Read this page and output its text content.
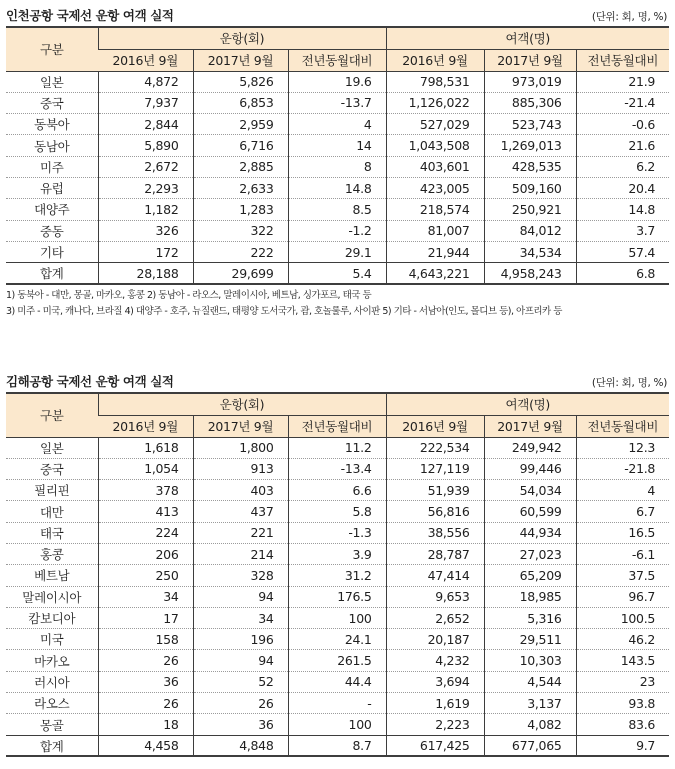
인천공항 국제선 운항 여객 실적	(단위: 회, 명, %)
구분	운항(회)			여객(명)		
	2016년 9월	2017년 9월	전년동월대비	2016년 9월	2017년 9월	전년동월대비
일본	4,872	5,826	19.6	798,531	973,019	21.9
중국	7,937	6,853	-13.7	1,126,022	885,306	-21.4
동북아	2,844	2,959	4	527,029	523,743	-0.6
동남아	5,890	6,716	14	1,043,508	1,269,013	21.6
미주	2,672	2,885	8	403,601	428,535	6.2
유럽	2,293	2,633	14.8	423,005	509,160	20.4
대양주	1,182	1,283	8.5	218,574	250,921	14.8
중동	326	322	-1.2	81,007	84,012	3.7
기타	172	222	29.1	21,944	34,534	57.4
합계	28,188	29,699	5.4	4,643,221	4,958,243	6.8
1) 동북아 - 대만, 몽골, 마카오, 홍콩 2) 동남아 - 라오스, 말레이시아, 베트남, 싱가포르, 태국 등
3) 미주 - 미국, 캐나다, 브라질 4) 대양주 - 호주, 뉴질랜드, 태평양 도서국가, 괌, 호놀룰루, 사이판 5) 기타 - 서남아(인도, 몰디브 등), 아프리카 등
김해공항 국제선 운항 여객 실적	(단위: 회, 명, %)
구분	운항(회)			여객(명)		
	2016년 9월	2017년 9월	전년동월대비	2016년 9월	2017년 9월	전년동월대비
일본	1,618	1,800	11.2	222,534	249,942	12.3
중국	1,054	913	-13.4	127,119	99,446	-21.8
필리핀	378	403	6.6	51,939	54,034	4
대만	413	437	5.8	56,816	60,599	6.7
태국	224	221	-1.3	38,556	44,934	16.5
홍콩	206	214	3.9	28,787	27,023	-6.1
베트남	250	328	31.2	47,414	65,209	37.5
말레이시아	34	94	176.5	9,653	18,985	96.7
캄보디아	17	34	100	2,652	5,316	100.5
미국	158	196	24.1	20,187	29,511	46.2
마카오	26	94	261.5	4,232	10,303	143.5
러시아	36	52	44.4	3,694	4,544	23
라오스	26	26	-	1,619	3,137	93.8
몽골	18	36	100	2,223	4,082	83.6
합계	4,458	4,848	8.7	617,425	677,065	9.7
